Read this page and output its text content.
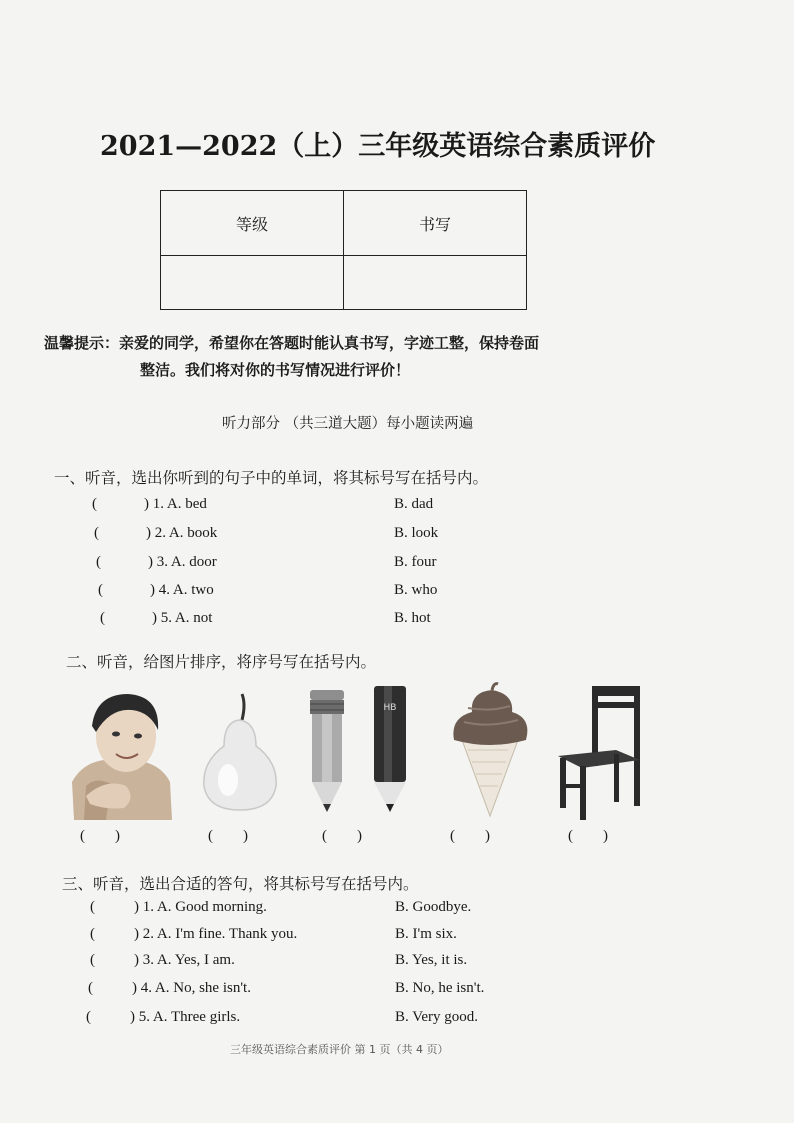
2021—2022（上）三年级英语综合素质评价
等级	书写

温馨提示：亲爱的同学，希望你在答题时能认真书写，字迹工整，保持卷面
整洁。我们将对你的书写情况进行评价！
听力部分 （共三道大题）每小题读两遍
一、听音，选出你听到的句子中的单词，将其标号写在括号内。
(	) 1. A. bed	B. dad
(	) 2. A. book	B. look
(	) 3. A. door	B. four
(	) 4. A. two	B. who
(	) 5. A. not	B. hot
二、听音，给图片排序，将序号写在括号内。
HB
(        )	(        )	(        )	(        )	(        )
三、听音，选出合适的答句，将其标号写在括号内。
(	) 1. A. Good morning.	B. Goodbye.
(	) 2. A. I'm fine. Thank you.	B. I'm six.
(	) 3. A. Yes, I am.	B. Yes, it is.
(	) 4. A. No, she isn't.	B. No, he isn't.
(	) 5. A. Three girls.	B. Very good.
三年级英语综合素质评价 第 1 页（共 4 页）
